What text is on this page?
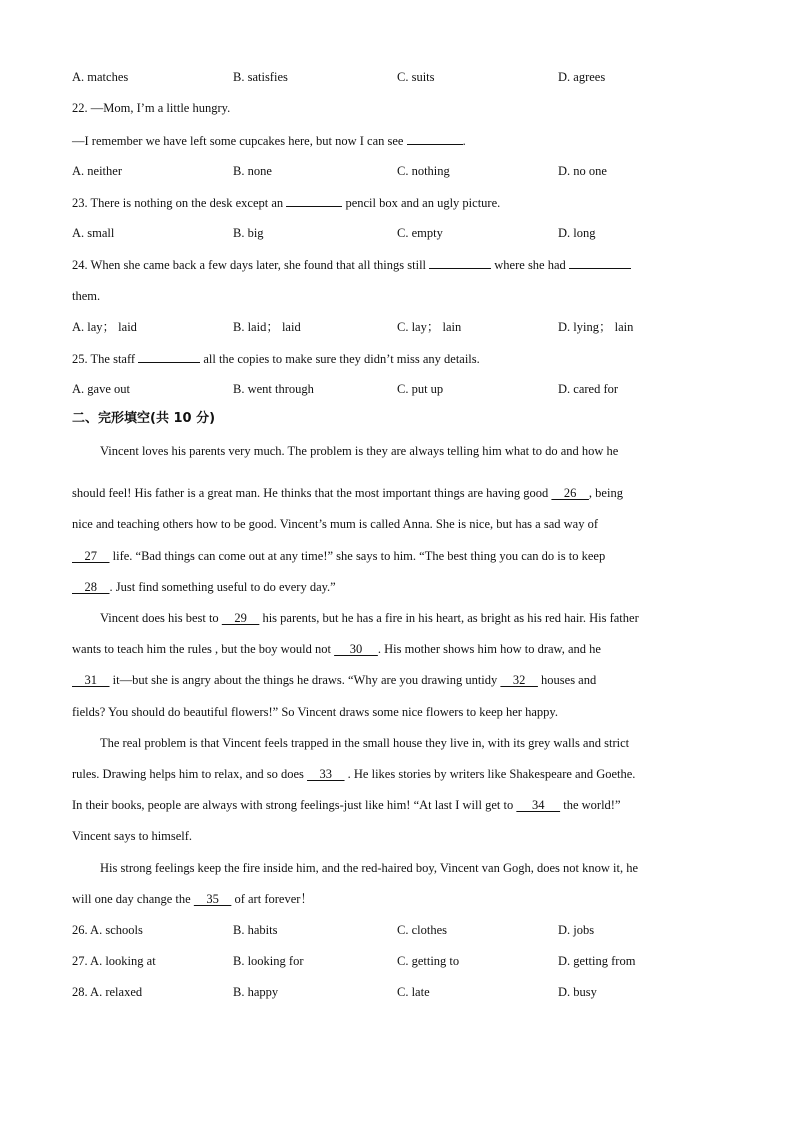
A. matches	B. satisfies	C. suits	D. agrees
22. —Mom, I’m a little hungry.
—I remember we have left some cupcakes here, but now I can see	.
A. neither	B. none	C. nothing	D. no one
23. There is nothing on the desk except an	pencil box and an ugly picture.
A. small	B. big	C. empty	D. long
24. When she came back a few days later, she found that all things still	where she had
them.
A. lay； laid	B. laid； laid	C. lay； lain	D. lying； lain
25. The staff	all the copies to make sure they didn’t miss any details.
A. gave out	B. went through	C. put up	D. cared for
二、完形填空(共 10 分)
Vincent loves his parents very much. The problem is they are always telling him what to do and how he
should feel! His father is a great man. He thinks that the most important things are having good     26    , being
nice and teaching others how to be good. Vincent’s mum is called Anna. She is nice, but has a sad way of
27     life. “Bad things can come out at any time!” she says to him. “The best thing you can do is to keep
28    . Just find something useful to do every day.”
Vincent does his best to     29     his parents, but he has a fire in his heart, as bright as his red hair. His father
wants to teach him the rules , but the boy would not      30     . His mother shows him how to draw, and he
31     it—but she is angry about the things he draws. “Why are you drawing untidy     32     houses and
fields? You should do beautiful flowers!” So Vincent draws some nice flowers to keep her happy.
The real problem is that Vincent feels trapped in the small house they live in, with its grey walls and strict
rules. Drawing helps him to relax, and so does     33     . He likes stories by writers like Shakespeare and Goethe.
In their books, people are always with strong feelings-just like him! “At last I will get to      34      the world!”
Vincent says to himself.
His strong feelings keep the fire inside him, and the red-haired boy, Vincent van Gogh, does not know it, he
will one day change the     35     of art forever！
26. A. schools	B. habits	C. clothes	D. jobs
27. A. looking at	B. looking for	C. getting to	D. getting from
28. A. relaxed	B. happy	C. late	D. busy
